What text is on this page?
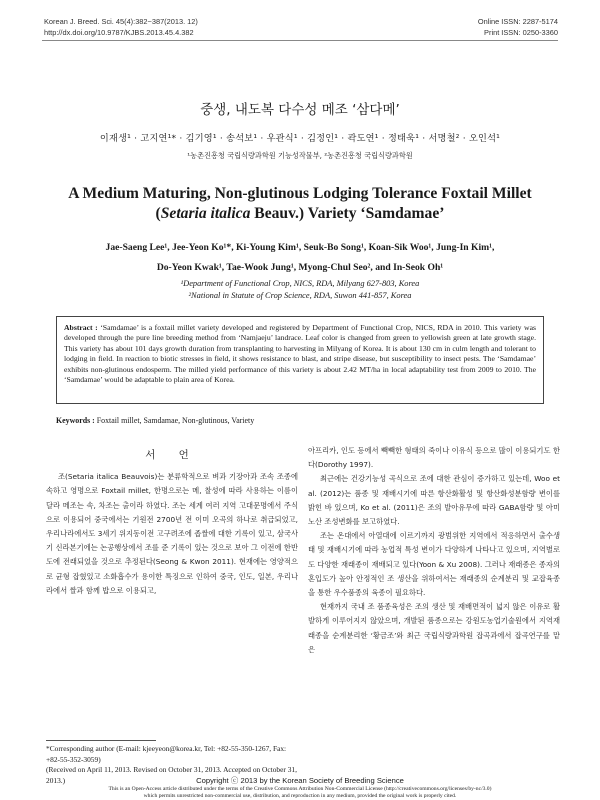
Korean J. Breed. Sci. 45(4):382~387(2013. 12)
http://dx.doi.org/10.9787/KJBS.2013.45.4.382
Online ISSN: 2287-5174
Print ISSN: 0250-3360
중생, 내도복 다수성 메조 ‘삼다메’
이재생¹ · 고지연¹* · 김기영¹ · 송석보¹ · 우관식¹ · 김정인¹ · 곽도연¹ · 정태욱¹ · 서명철² · 오인석¹
¹농촌진흥청 국립식량과학원 기능성작물부, ²농촌진흥청 국립식량과학원
A Medium Maturing, Non-glutinous Lodging Tolerance Foxtail Millet
(Setaria italica Beauv.) Variety ‘Samdamae’
Jae-Saeng Lee¹, Jee-Yeon Ko¹*, Ki-Young Kim¹, Seuk-Bo Song¹, Koan-Sik Woo¹, Jung-In Kim¹,
Do-Yeon Kwak¹, Tae-Wook Jung¹, Myong-Chul Seo², and In-Seok Oh¹
¹Department of Functional Crop, NICS, RDA, Milyang 627-803, Korea
²National in Statute of Crop Science, RDA, Suwon 441-857, Korea
Abstract : ‘Samdamae’ is a foxtail millet variety developed and registered by Department of Functional Crop, NICS, RDA in 2010. This variety was developed through the pure line breeding method from ‘Namjaeju’ landrace. Leaf color is changed from green to yellowish green at late growth stage. This variety has about 101 days growth duration from transplanting to harvesting in Milyang of Korea. It is about 130 cm in culm length and tolerant to lodging in field. In reaction to biotic stresses in field, it shows resistance to blast, and stripe disease, but susceptibility to insect pests. The ‘Samdamae’ exhibits non-glutinous endosperm. The milled yield performance of this variety is about 2.42 MT/ha in local adaptability test from 2009 to 2010. The ‘Samdamae’ would be adaptable to plain area of Korea.
Keywords : Foxtail millet, Samdamae, Non-glutinous, Variety
서 언

조(Setaria italica Beauvois)는 분류학적으로 벼과 기장아과 조속 조종에 속하고 영명으로 Foxtail millet, 한명으로는 메, 찰성에 따라 사용하는 이름이 달라 메조는 속, 차조는 출이라 하였다. 조는 세계 여러 지역 고대문명에서 주식으로 이용되어 중국에서는 기원전 2700년 전 이미 오곡의 하나로 취급되었고, 우리나라에서도 3세기 위지동이전 고구려조에 좁쌀에 대한 기록이 있고, 삼국사기 신라본기에는 논공행상에서 조를 준 기록이 있는 것으로 보아 그 이전에 한반도에 전래되었을 것으로 추정된다(Seong & Kwon 2011). 현재에는 영양적으로 균형 잡혔있고 소화흡수가 용이한 특징으로 인하여 중국, 인도, 일본, 우리나라에서 쌀과 함께 밥으로 이용되고,

아프리카, 인도 등에서 빽빽한 형태의 죽이나 이유식 등으로 많이 이용되기도 한다(Dorothy 1997).

최근에는 건강기능성 곡식으로 조에 대한 관심이 증가하고 있는데, Woo et al. (2012)는 품종 및 재배시기에 따른 항산화활성 및 항산화성분함량 변이를 밝힌 바 있으며, Ko et al. (2011)은 조의 발아유무에 따라 GABA함량 및 아미노산 조성변화를 보고하였다.

조는 온대에서 아열대에 이르기까지 광범위한 지역에서 적응하면서 출수생태 및 재배시기에 따라 농업적 특성 변이가 다양하게 나타나고 있으며, 지역별로도 다양한 재래종이 재배되고 있다(Yoon & Xu 2008). 그러나 재래종은 종자의 혼입도가 높아 안정적인 조 생산을 위하여서는 재래종의 순계분리 및 교잡육종을 통한 우수품종의 육종이 필요하다.

현재까지 국내 조 품종육성은 조의 생산 및 재배면적이 넓지 않은 이유로 활발하게 이루어지지 않았으며, 개발된 품종으로는 강원도농업기술원에서 지역재래종을 순계분리한 ‘황금조’와 최근 국립식량과학원 잡곡과에서 잡곡연구를 맡은

*Corresponding author (E-mail: kjeeyeon@korea.kr, Tel: +82-55-350-1267, Fax: +82-55-352-3059)

(Received on April 11, 2013. Revised on October 31, 2013. Accepted on October 31, 2013.)	Copyright ⓒ 2013 by the Korean Society of Breeding Science
This is an Open-Access article distributed under the terms of the Creative Commons Attribution Non-Commercial License (http://creativecommons.org/licenses/by-nc/3.0)
which permits unrestricted non-commercial use, distribution, and reproduction in any medium, provided the original work is properly cited.
